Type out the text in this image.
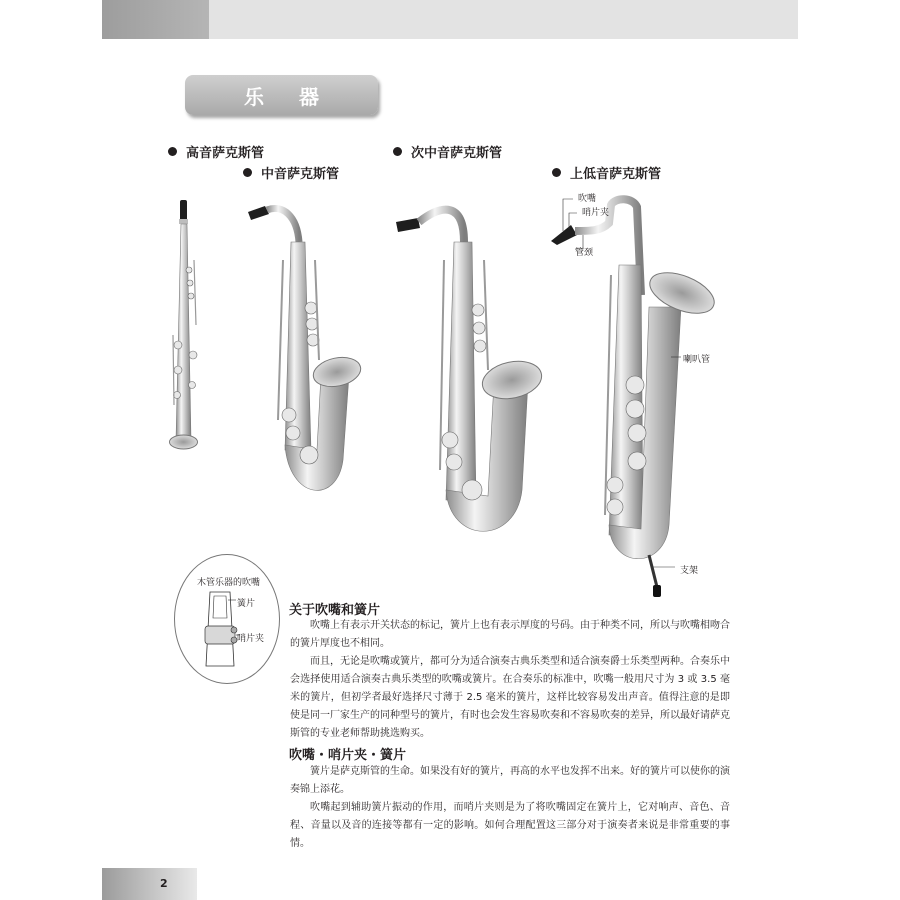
乐 器
高音萨克斯管
中音萨克斯管
次中音萨克斯管
上低音萨克斯管
吹嘴
哨片夹
管颈
喇叭管
支架
木管乐器的吹嘴
簧片
哨片夹
关于吹嘴和簧片
吹嘴上有表示开关状态的标记，簧片上也有表示厚度的号码。由于种类不同，所以与吹嘴相吻合的簧片厚度也不相同。
而且，无论是吹嘴或簧片，都可分为适合演奏古典乐类型和适合演奏爵士乐类型两种。合奏乐中会选择使用适合演奏古典乐类型的吹嘴或簧片。在合奏乐的标准中，吹嘴一般用尺寸为 3 或 3.5 毫米的簧片，但初学者最好选择尺寸薄于 2.5 毫米的簧片，这样比较容易发出声音。值得注意的是即使是同一厂家生产的同种型号的簧片，有时也会发生容易吹奏和不容易吹奏的差异，所以最好请萨克斯管的专业老师帮助挑选购买。
吹嘴・哨片夹・簧片
簧片是萨克斯管的生命。如果没有好的簧片，再高的水平也发挥不出来。好的簧片可以使你的演奏锦上添花。
吹嘴起到辅助簧片振动的作用，而哨片夹则是为了将吹嘴固定在簧片上，它对响声、音色、音程、音量以及音的连接等都有一定的影响。如何合理配置这三部分对于演奏者来说是非常重要的事情。
2
